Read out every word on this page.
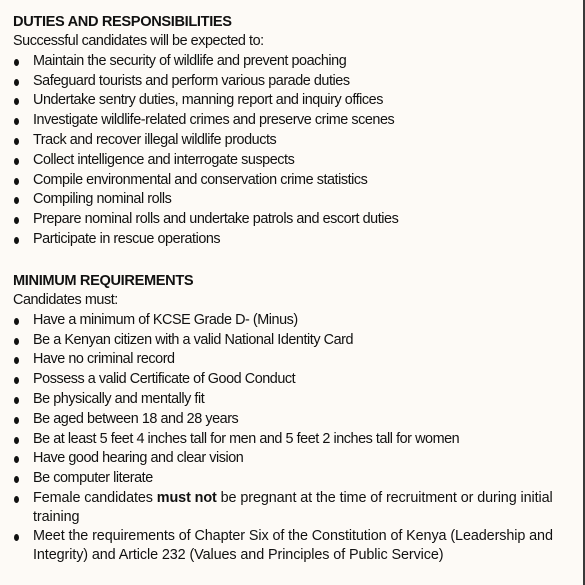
DUTIES AND RESPONSIBILITIES
Successful candidates will be expected to:
Maintain the security of wildlife and prevent poaching
Safeguard tourists and perform various parade duties
Undertake sentry duties, manning report and inquiry offices
Investigate wildlife-related crimes and preserve crime scenes
Track and recover illegal wildlife products
Collect intelligence and interrogate suspects
Compile environmental and conservation crime statistics
Compiling nominal rolls
Prepare nominal rolls and undertake patrols and escort duties
Participate in rescue operations
MINIMUM REQUIREMENTS
Candidates must:
Have a minimum of KCSE Grade D- (Minus)
Be a Kenyan citizen with a valid National Identity Card
Have no criminal record
Possess a valid Certificate of Good Conduct
Be physically and mentally fit
Be aged between 18 and 28 years
Be at least 5 feet 4 inches tall for men and 5 feet 2 inches tall for women
Have good hearing and clear vision
Be computer literate
Female candidates must not be pregnant at the time of recruitment or during initial training
Meet the requirements of Chapter Six of the Constitution of Kenya (Leadership and Integrity) and Article 232 (Values and Principles of Public Service)
